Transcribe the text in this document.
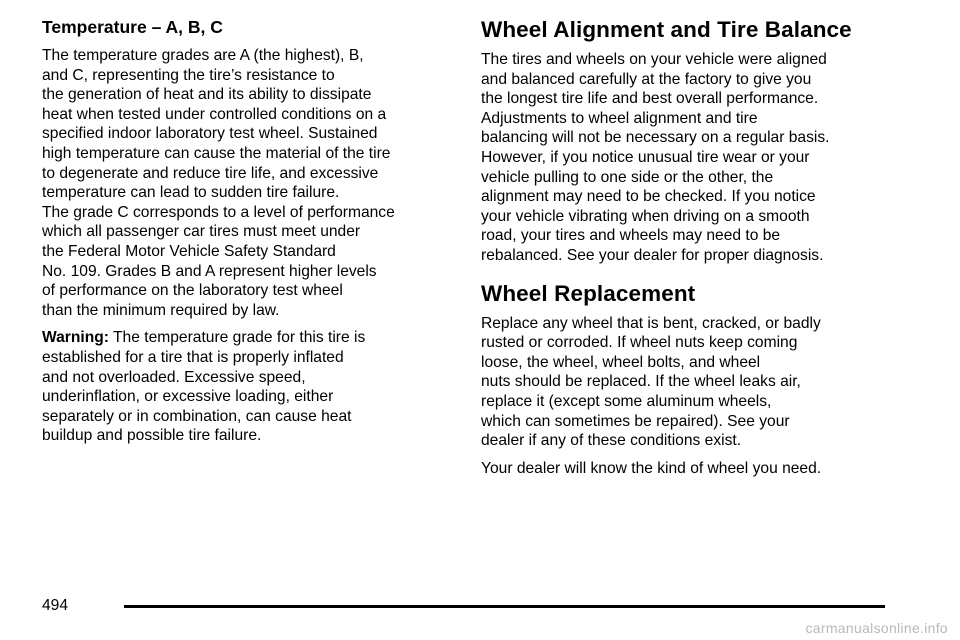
Temperature – A, B, C

The temperature grades are A (the highest), B,
and C, representing the tire’s resistance to
the generation of heat and its ability to dissipate
heat when tested under controlled conditions on a
specified indoor laboratory test wheel. Sustained
high temperature can cause the material of the tire
to degenerate and reduce tire life, and excessive
temperature can lead to sudden tire failure.
The grade C corresponds to a level of performance
which all passenger car tires must meet under
the Federal Motor Vehicle Safety Standard
No. 109. Grades B and A represent higher levels
of performance on the laboratory test wheel
than the minimum required by law.

Warning: The temperature grade for this tire is
established for a tire that is properly inflated
and not overloaded. Excessive speed,
underinflation, or excessive loading, either
separately or in combination, can cause heat
buildup and possible tire failure.

Wheel Alignment and Tire Balance

The tires and wheels on your vehicle were aligned
and balanced carefully at the factory to give you
the longest tire life and best overall performance.
Adjustments to wheel alignment and tire
balancing will not be necessary on a regular basis.
However, if you notice unusual tire wear or your
vehicle pulling to one side or the other, the
alignment may need to be checked. If you notice
your vehicle vibrating when driving on a smooth
road, your tires and wheels may need to be
rebalanced. See your dealer for proper diagnosis.

Wheel Replacement

Replace any wheel that is bent, cracked, or badly
rusted or corroded. If wheel nuts keep coming
loose, the wheel, wheel bolts, and wheel
nuts should be replaced. If the wheel leaks air,
replace it (except some aluminum wheels,
which can sometimes be repaired). See your
dealer if any of these conditions exist.

Your dealer will know the kind of wheel you need.

494
carmanualsonline.info
